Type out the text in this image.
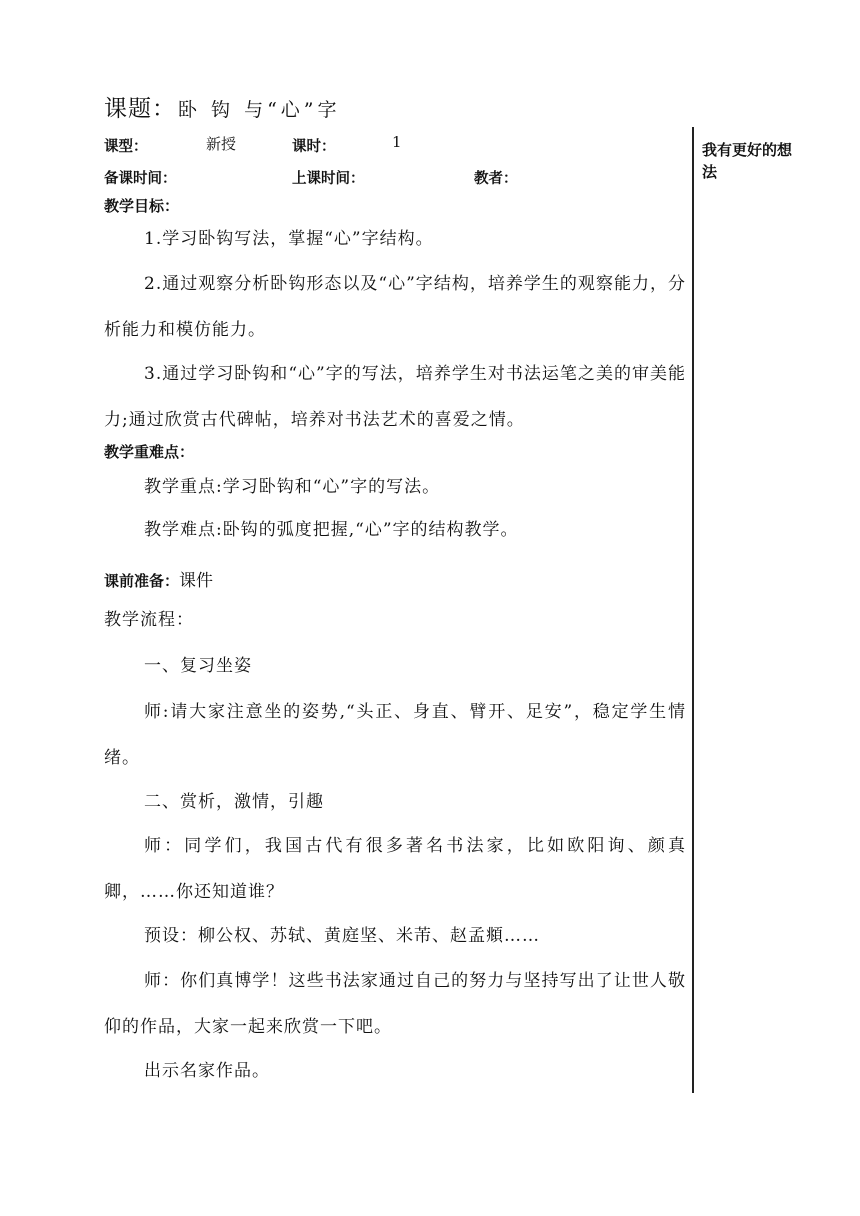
课题： 卧 钩 与“心”字
我有更好的想法
课型：	新授	课时：	1
备课时间：	上课时间：	教者：
教学目标：
1.学习卧钩写法，掌握“心”字结构。
2.通过观察分析卧钩形态以及“心”字结构，培养学生的观察能力，分析能力和模仿能力。
3.通过学习卧钩和“心”字的写法，培养学生对书法运笔之美的审美能力;通过欣赏古代碑帖，培养对书法艺术的喜爱之情。
教学重难点：
教学重点:学习卧钩和“心”字的写法。
教学难点:卧钩的弧度把握,“心”字的结构教学。
课前准备：课件
教学流程：
一、复习坐姿
师:请大家注意坐的姿势,“头正、身直、臂开、足安”，稳定学生情绪。
二、赏析，激情，引趣
师：同学们，我国古代有很多著名书法家，比如欧阳询、颜真卿，……你还知道谁？
预设：柳公权、苏轼、黄庭坚、米芾、赵孟頫……
师：你们真博学！这些书法家通过自己的努力与坚持写出了让世人敬仰的作品，大家一起来欣赏一下吧。
出示名家作品。
